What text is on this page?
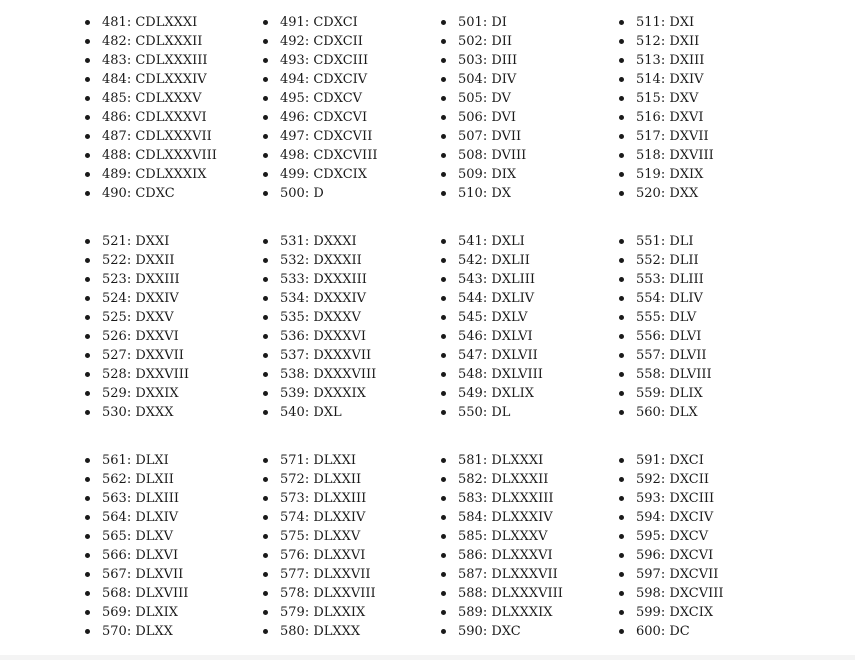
481: CDLXXXI
482: CDLXXXII
483: CDLXXXIII
484: CDLXXXIV
485: CDLXXXV
486: CDLXXXVI
487: CDLXXXVII
488: CDLXXXVIII
489: CDLXXXIX
490: CDXC
491: CDXCI
492: CDXCII
493: CDXCIII
494: CDXCIV
495: CDXCV
496: CDXCVI
497: CDXCVII
498: CDXCVIII
499: CDXCIX
500: D
501: DI
502: DII
503: DIII
504: DIV
505: DV
506: DVI
507: DVII
508: DVIII
509: DIX
510: DX
511: DXI
512: DXII
513: DXIII
514: DXIV
515: DXV
516: DXVI
517: DXVII
518: DXVIII
519: DXIX
520: DXX
521: DXXI
522: DXXII
523: DXXIII
524: DXXIV
525: DXXV
526: DXXVI
527: DXXVII
528: DXXVIII
529: DXXIX
530: DXXX
531: DXXXI
532: DXXXII
533: DXXXIII
534: DXXXIV
535: DXXXV
536: DXXXVI
537: DXXXVII
538: DXXXVIII
539: DXXXIX
540: DXL
541: DXLI
542: DXLII
543: DXLIII
544: DXLIV
545: DXLV
546: DXLVI
547: DXLVII
548: DXLVIII
549: DXLIX
550: DL
551: DLI
552: DLII
553: DLIII
554: DLIV
555: DLV
556: DLVI
557: DLVII
558: DLVIII
559: DLIX
560: DLX
561: DLXI
562: DLXII
563: DLXIII
564: DLXIV
565: DLXV
566: DLXVI
567: DLXVII
568: DLXVIII
569: DLXIX
570: DLXX
571: DLXXI
572: DLXXII
573: DLXXIII
574: DLXXIV
575: DLXXV
576: DLXXVI
577: DLXXVII
578: DLXXVIII
579: DLXXIX
580: DLXXX
581: DLXXXI
582: DLXXXII
583: DLXXXIII
584: DLXXXIV
585: DLXXXV
586: DLXXXVI
587: DLXXXVII
588: DLXXXVIII
589: DLXXXIX
590: DXC
591: DXCI
592: DXCII
593: DXCIII
594: DXCIV
595: DXCV
596: DXCVI
597: DXCVII
598: DXCVIII
599: DXCIX
600: DC
